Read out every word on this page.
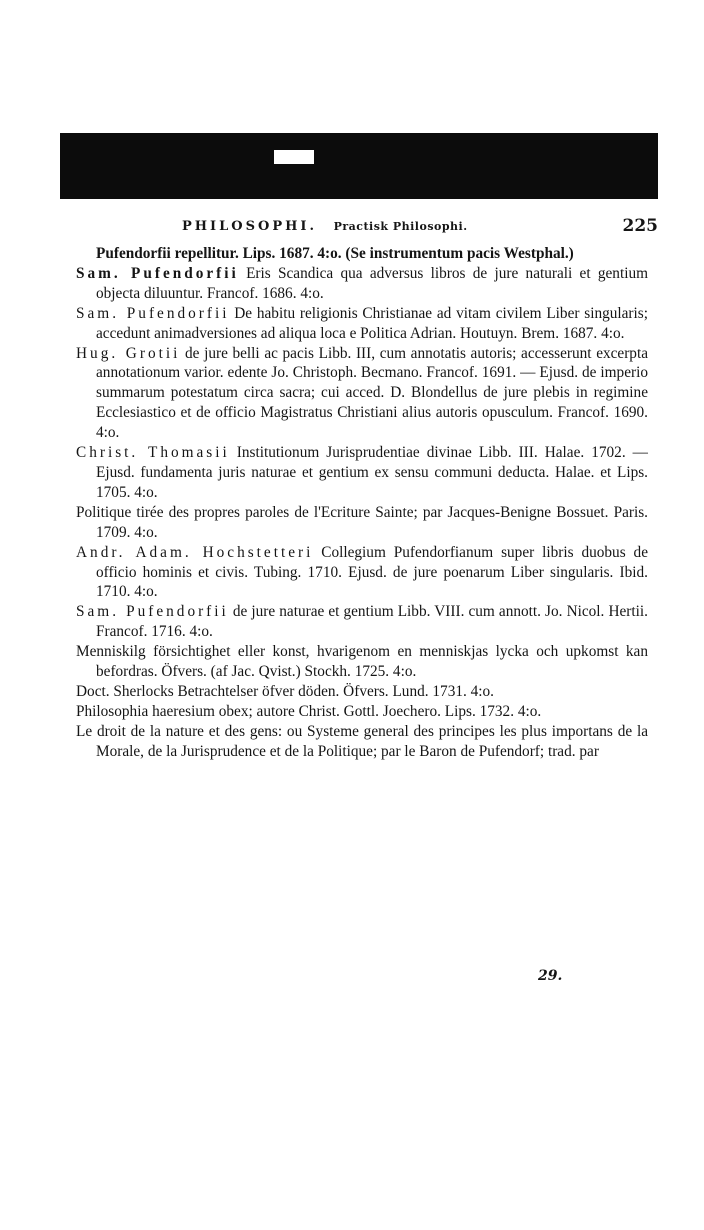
PHILOSOPHI. Practisk Philosophi.	225

Pufendorfii repellitur. Lips. 1687. 4:o. (Se instrumentum pacis Westphal.)

Sam. Pufendorfii Eris Scandica qua adversus libros de jure naturali et gentium objecta diluuntur. Francof. 1686. 4:o.

Sam. Pufendorfii De habitu religionis Christianae ad vitam civilem Liber singularis; accedunt animadversiones ad aliqua loca e Politica Adrian. Houtuyn. Brem. 1687. 4:o.

Hug. Grotii de jure belli ac pacis Libb. III, cum annotatis autoris; accesserunt excerpta annotationum varior. edente Jo. Christoph. Becmano. Francof. 1691. — Ejusd. de imperio summarum potestatum circa sacra; cui acced. D. Blondellus de jure plebis in regimine Ecclesiastico et de officio Magistratus Christiani alius autoris opusculum. Francof. 1690. 4:o.

Christ. Thomasii Institutionum Jurisprudentiae divinae Libb. III. Halae. 1702. — Ejusd. fundamenta juris naturae et gentium ex sensu communi deducta. Halae. et Lips. 1705. 4:o.

Politique tirée des propres paroles de l'Ecriture Sainte; par Jacques-Benigne Bossuet. Paris. 1709. 4:o.

Andr. Adam. Hochstetteri Collegium Pufendorfianum super libris duobus de officio hominis et civis. Tubing. 1710. Ejusd. de jure poenarum Liber singularis. Ibid. 1710. 4:o.

Sam. Pufendorfii de jure naturae et gentium Libb. VIII. cum annott. Jo. Nicol. Hertii. Francof. 1716. 4:o.

Menniskilg försichtighet eller konst, hvarigenom en menniskjas lycka och upkomst kan befordras. Öfvers. (af Jac. Qvist.) Stockh. 1725. 4:o.

Doct. Sherlocks Betrachtelser öfver döden. Öfvers. Lund. 1731. 4:o.

Philosophia haeresium obex; autore Christ. Gottl. Joechero. Lips. 1732. 4:o.

Le droit de la nature et des gens: ou Systeme general des principes les plus importans de la Morale, de la Jurisprudence et de la Politique; par le Baron de Pufendorf; trad. par

29.
